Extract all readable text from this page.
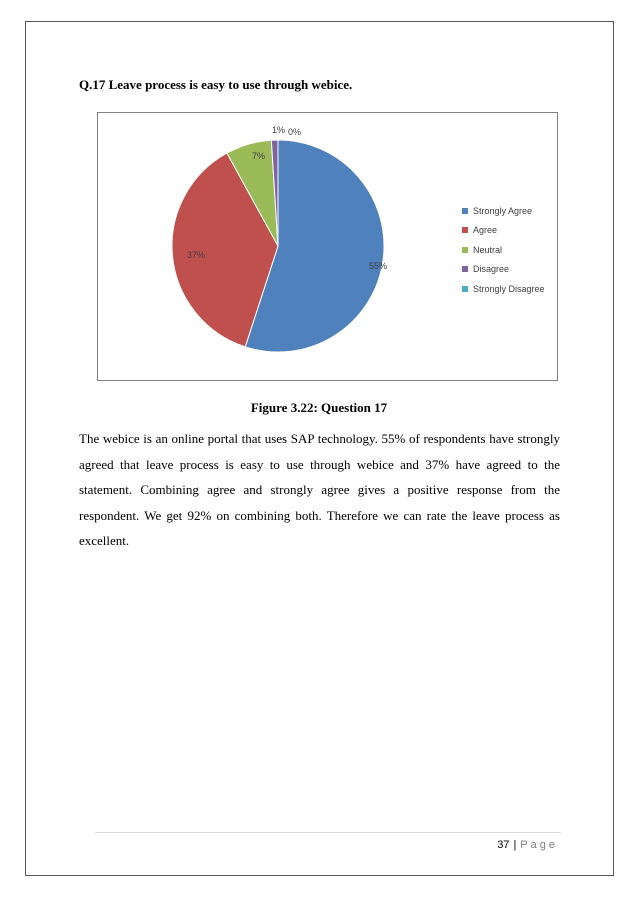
Q.17 Leave process is easy to use through webice.
55%
37%
7%
1% 0%
Strongly Agree
Agree
Neutral
Disagree
Strongly Disagree
Figure 3.22: Question 17

The webice is an online portal that uses SAP technology. 55% of respondents have strongly agreed that leave process is easy to use through webice and 37% have agreed to the statement. Combining agree and strongly agree gives a positive response from the respondent. We get 92% on combining both. Therefore we can rate the leave process as excellent.

37 | Page
